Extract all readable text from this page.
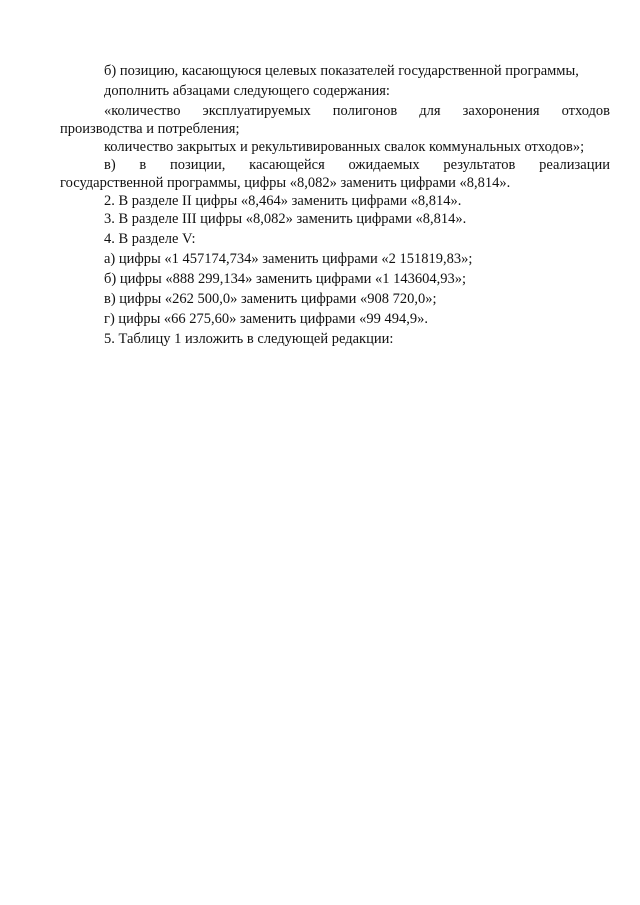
б) позицию, касающуюся целевых показателей государственной программы,
дополнить абзацами следующего содержания:
«количество эксплуатируемых полигонов для захоронения отходов
производства и потребления;
количество закрытых и рекультивированных свалок коммунальных отходов»;
в) в позиции, касающейся ожидаемых результатов реализации
государственной программы, цифры «8,082» заменить цифрами «8,814».
2. В разделе II цифры «8,464» заменить цифрами «8,814».
3. В разделе III цифры «8,082» заменить цифрами «8,814».
4. В разделе V:
а) цифры «1 457174,734» заменить цифрами «2 151819,83»;
б) цифры «888 299,134» заменить цифрами «1 143604,93»;
в) цифры «262 500,0» заменить цифрами «908 720,0»;
г) цифры «66 275,60» заменить цифрами «99 494,9».
5. Таблицу 1 изложить в следующей редакции:
